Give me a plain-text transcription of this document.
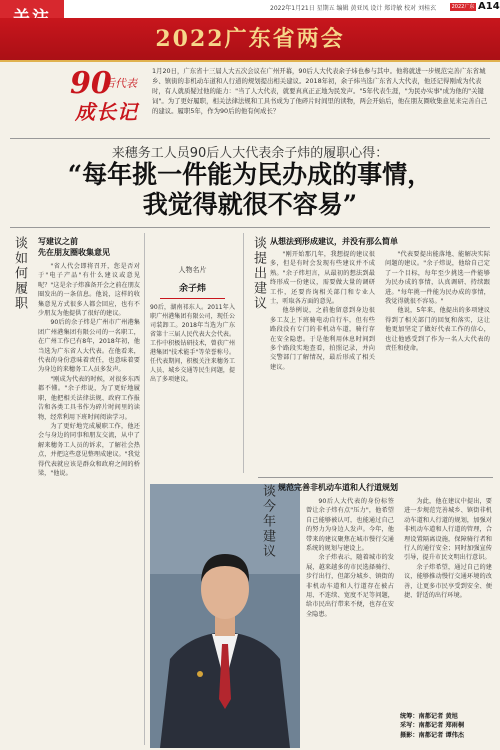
2022年1月21日 星期五 编辑 黄亚凤 设计 郑诗敏 校对 刘桂玄	2022广东省两会
A14
2022广东省两会
90
后代表
成长记
1月20日，广东省十三届人大五次会议在广州开幕，90后人大代表余子炜也参与其中。他将就进一步规范完善广东省城乡、镇街的非机动车道和人行道的规划提出相关建议。2018年初，余子炜当选广东省人大代表，他还记得刚成为代表时，有人就质疑过他的能力："当了人大代表，就要真真正正地为民发声。"5年代表生涯，"为民办实事"成为他的"关键词"。为了更好履职，相关法律法规和工具书成为了他碎片时间里的读物，两会开始后，他在朋友圈收集意见来完善自己的建议。履职5年，作为90后的他有何成长？
来穗务工人员90后人大代表余子炜的履职心得：
“每年挑一件能为民办成的事情，
我觉得就很不容易”
谈如何履职 写建议之前
先在朋友圈收集意见

"省人代会即将召开，您是否对于"电子产品"有什么建议或意见呢？"这是余子炜准备开会之前在朋友圈发出的一条信息。他说，这样的收集意见方式很多人都会回应，也有不少朋友为他提供了很好的建议。

90后的余子炜是广州市广州港集团广州港集团有限公司的一名职工，在广州工作已有8年，2018年初，他当选为广东省人大代表。在他看来，代表的身份意味着责任，也意味着要为身边的来穗务工人员多发声。

"刚成为代表的时候，对很多东西都不懂。"余子炜说，为了更好地履职，他把相关法律法规、政府工作报告和各类工具书作为碎片时间里的读物，经常利用下班时间阅读学习。

为了更好地完成履职工作，他还会与身边的同事和朋友交流，从中了解来穗务工人员的诉求，了解社会热点，并把这些意见整理成建议。"我觉得代表就应该是群众和政府之间的桥梁，"他说。

人物名片
余子炜
90后，湖南祁东人。2011年入职广州港集团有限公司，现任公司装卸工。2018年当选为广东省第十三届人民代表大会代表。工作中积极钻研技术，曾获广州港集团"技术能手"等荣誉称号。任代表期间，积极关注来穗务工人员、城乡交通等民生问题，提出了多项建议。
谈提出建议 从想法到形成建议，并没有那么简单

"刚开始那几年，我想提的建议很多，但是有时会发现有些建议并不成熟。"余子炜坦言，从最初的想法到最终形成一份建议，需要做大量的调研工作，还要咨询相关部门和专业人士，听取各方面的意见。

他举例说，之前他留意到身边很多工友上下班骑电动自行车，但有些路段没有专门的非机动车道，骑行存在安全隐患。于是他利用休息时间到多个路段实地查看，拍照记录，并向交警部门了解情况，最后形成了相关建议。

"代表要提出能落地、能解决实际问题的建议。"余子炜说，他给自己定了一个目标，每年至少挑选一件能够为民办成的事情，认真调研、持续跟进。"每年挑一件能为民办成的事情，我觉得就很不容易。"

他说，5年来，他提出的多项建议得到了相关部门的回复和落实，这让他更加坚定了做好代表工作的信心，也让他感受到了作为一名人大代表的责任和使命。

谈今年建议 规范完善非机动车道和人行道规划

90后人大代表的身份标签曾让余子炜有点"压力"，他希望自己能够被认可，也能通过自己的努力为身边人发声。今年，他带来的建议聚焦在城市慢行交通系统的规划与建设上。

余子炜表示，随着城市的发展，越来越多的市民选择骑行、步行出行，但部分城乡、镇街的非机动车道和人行道存在被占用、不连续、宽度不足等问题，给市民出行带来不便，也存在安全隐患。

为此，他在建议中提出，要进一步规范完善城乡、镇街非机动车道和人行道的规划，加强对非机动车道和人行道的管理，合理设置隔离设施，保障骑行者和行人的通行安全；同时加强宣传引导，提升市民文明出行意识。

余子炜希望，通过自己的建议，能够推动慢行交通环境的改善，让更多市民享受到安全、便捷、舒适的出行环境。

统筹：南都记者 黄旭
采写：南都记者 郑雨桐
摄影：南都记者 谭伟杰
